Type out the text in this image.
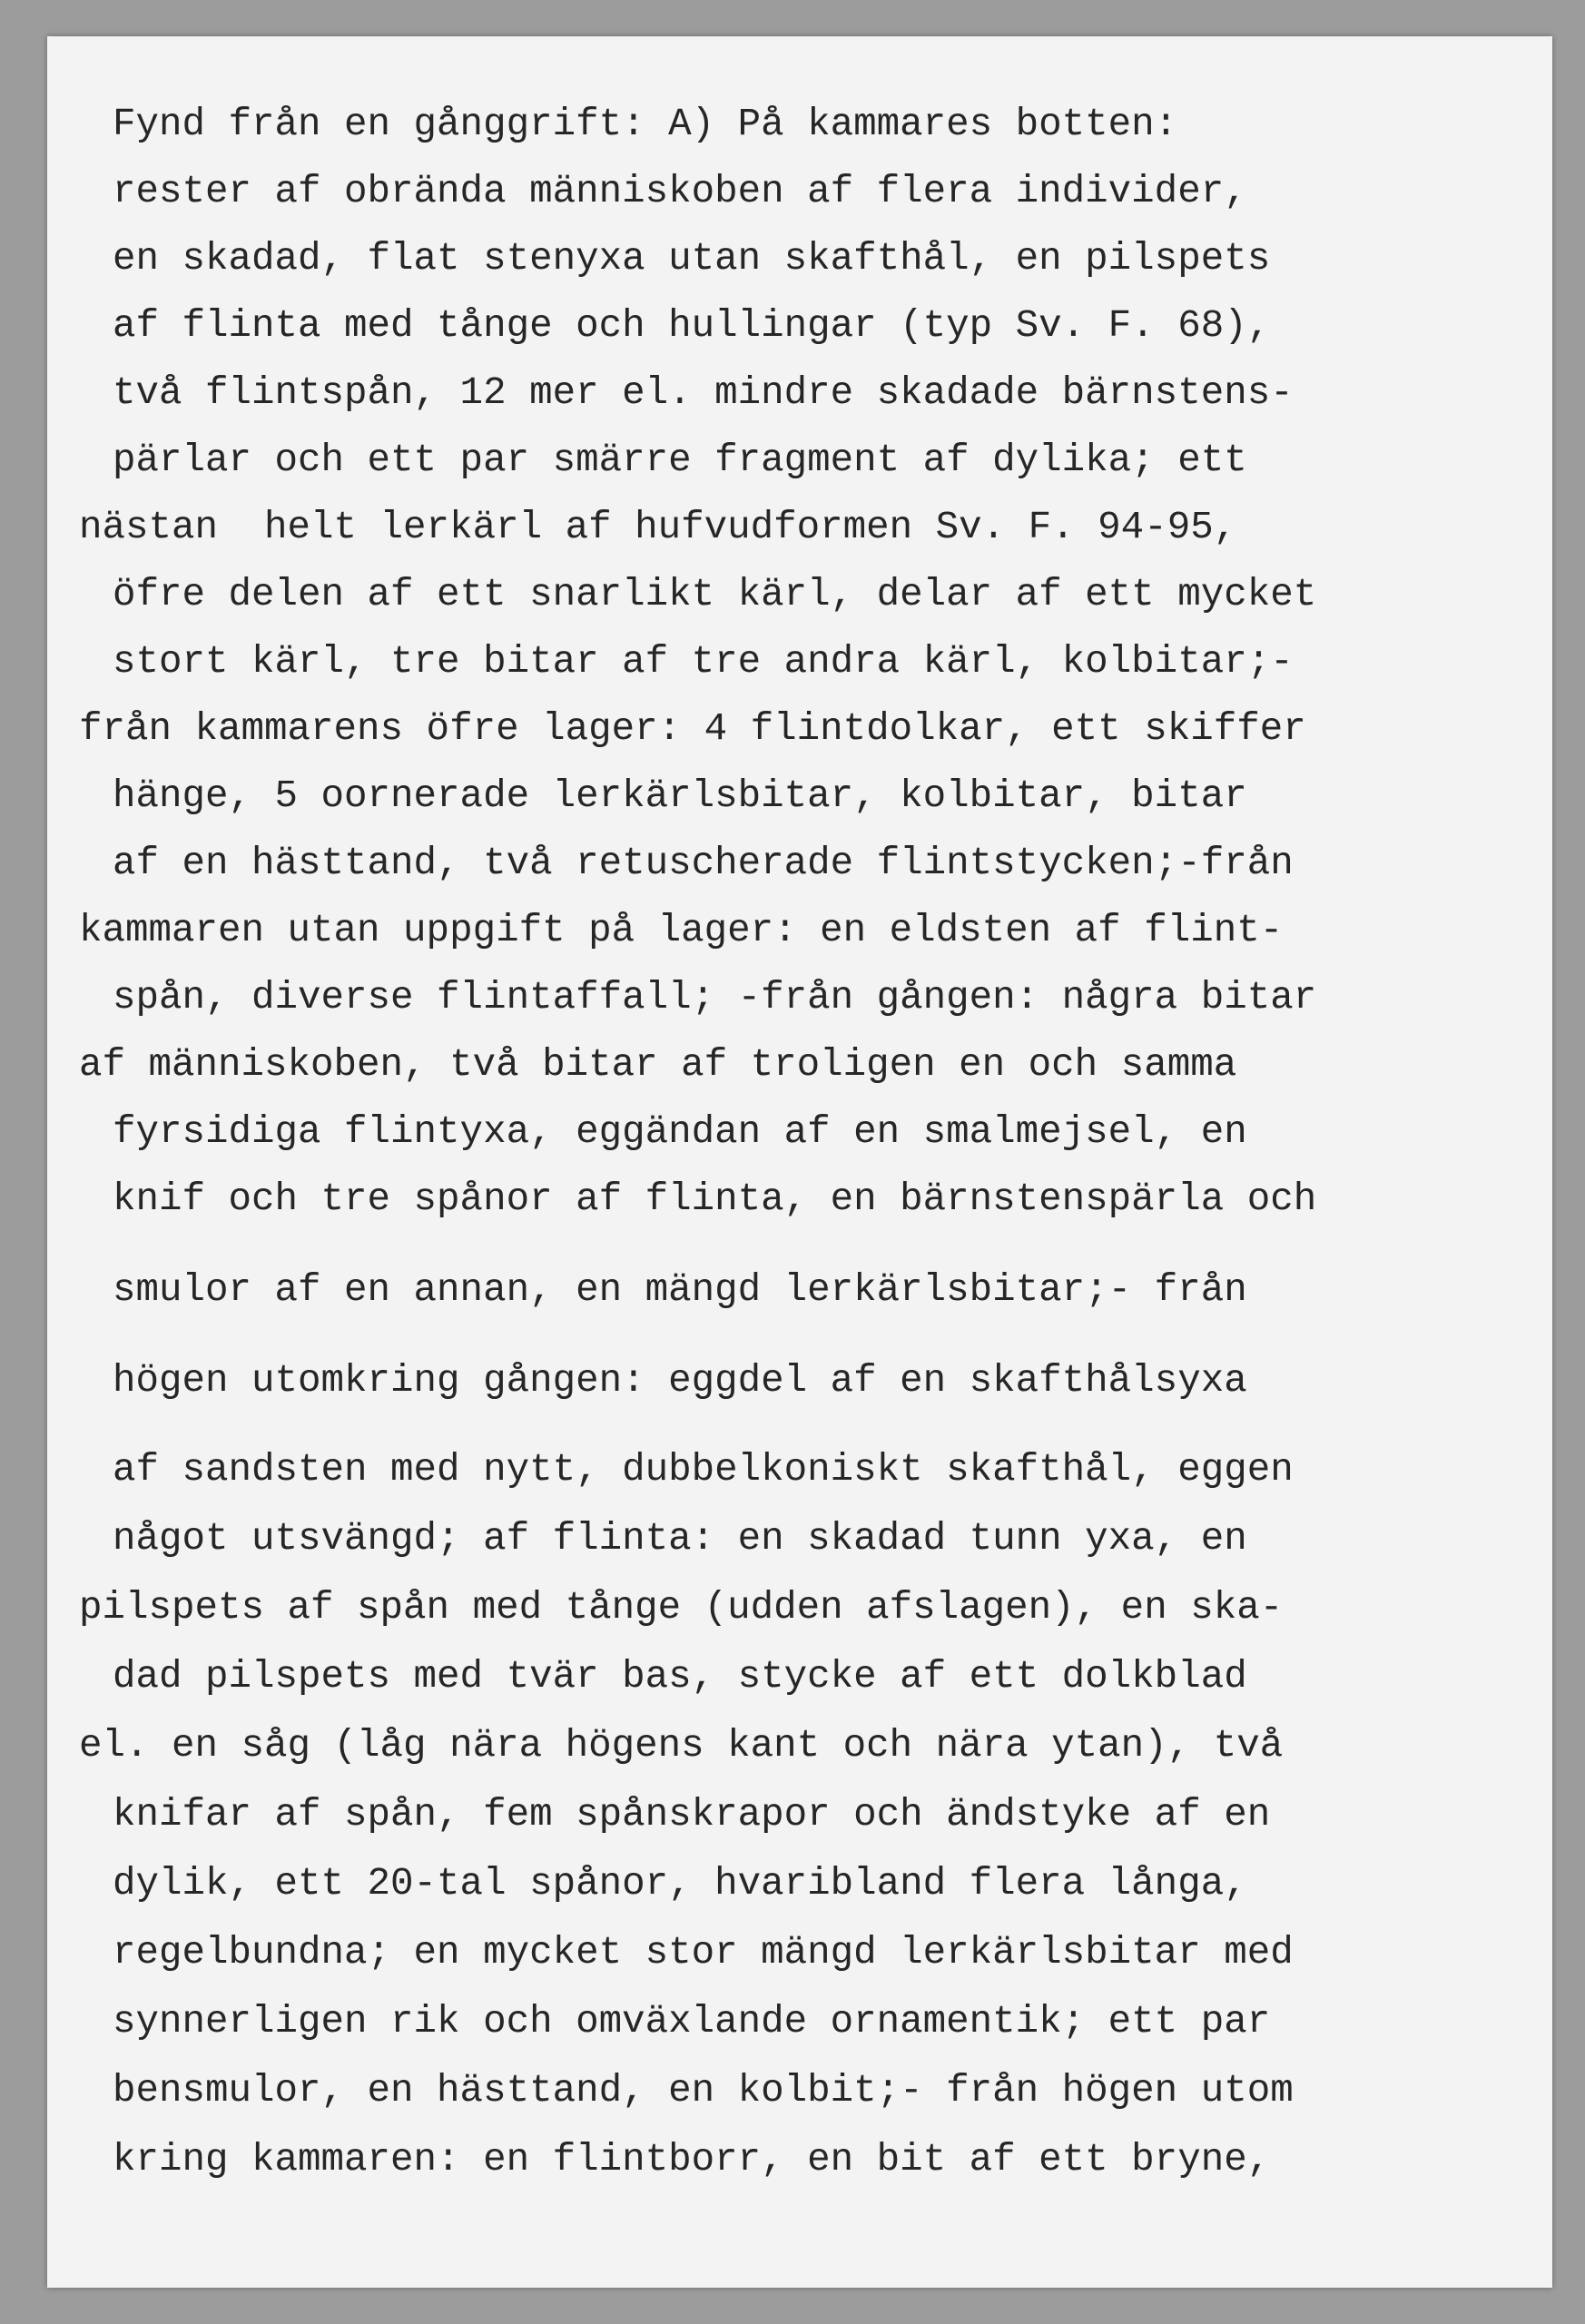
Fynd från en gånggrift: A) På kammares botten:
rester af obrända människoben af flera individer,
en skadad, flat stenyxa utan skafthål, en pilspets
af flinta med tånge och hullingar (typ Sv. F. 68),
två flintspån, 12 mer el. mindre skadade bärnstens-
pärlar och ett par smärre fragment af dylika; ett
nästan  helt lerkärl af hufvudformen Sv. F. 94-95,
öfre delen af ett snarlikt kärl, delar af ett mycket
stort kärl, tre bitar af tre andra kärl, kolbitar;-
från kammarens öfre lager: 4 flintdolkar, ett skiffer
hänge, 5 oornerade lerkärlsbitar, kolbitar, bitar
af en hästtand, två retuscherade flintstycken;-från
kammaren utan uppgift på lager: en eldsten af flint-
spån, diverse flintaffall; -från gången: några bitar
af människoben, två bitar af troligen en och samma
fyrsidiga flintyxa, eggändan af en smalmejsel, en
knif och tre spånor af flinta, en bärnstenspärla och
smulor af en annan, en mängd lerkärlsbitar;- från
högen utomkring gången: eggdel af en skafthålsyxa
af sandsten med nytt, dubbelkoniskt skafthål, eggen
något utsvängd; af flinta: en skadad tunn yxa, en
pilspets af spån med tånge (udden afslagen), en ska-
dad pilspets med tvär bas, stycke af ett dolkblad
el. en såg (låg nära högens kant och nära ytan), två
knifar af spån, fem spånskrapor och ändstyke af en
dylik, ett 20-tal spånor, hvaribland flera långa,
regelbundna; en mycket stor mängd lerkärlsbitar med
synnerligen rik och omväxlande ornamentik; ett par
bensmulor, en hästtand, en kolbit;- från högen utom
kring kammaren: en flintborr, en bit af ett bryne,
